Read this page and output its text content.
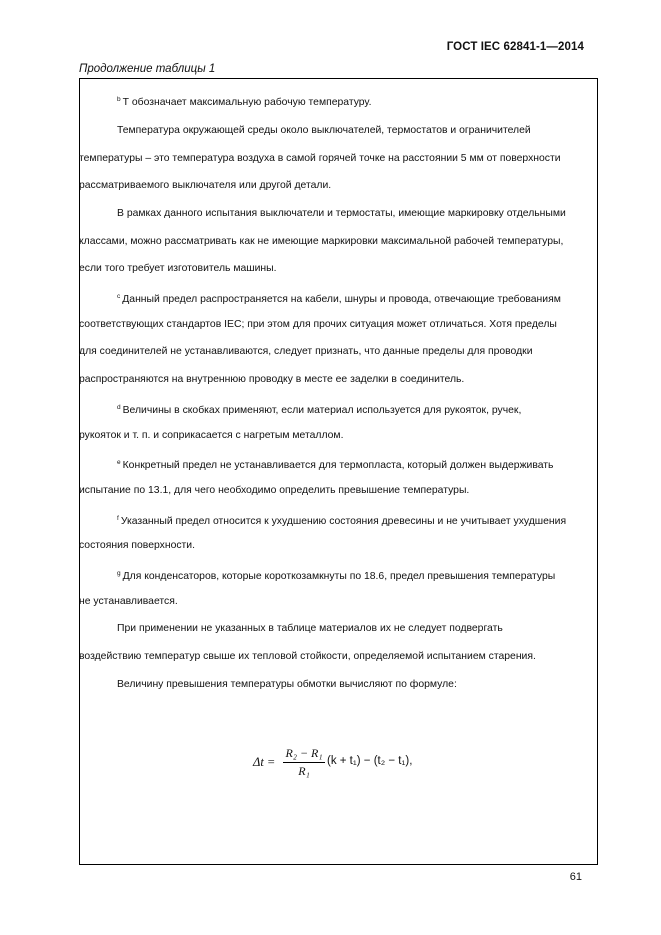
ГОСТ IEC 62841-1—2014
Продолжение таблицы 1
$^b$ Т обозначает максимальную рабочую температуру.
Температура окружающей среды около выключателей, термостатов и ограничителей
температуры – это температура воздуха в самой горячей точке на расстоянии 5 мм от поверхности
рассматриваемого выключателя или другой детали.
В рамках данного испытания выключатели и термостаты, имеющие маркировку отдельными
классами, можно рассматривать как не имеющие маркировки максимальной рабочей температуры,
если того требует изготовитель машины.
$^c$ Данный предел распространяется на кабели, шнуры и провода, отвечающие требованиям
соответствующих стандартов IEC; при этом для прочих ситуация может отличаться. Хотя пределы
для соединителей не устанавливаются, следует признать, что данные пределы для проводки
распространяются на внутреннюю проводку в месте ее заделки в соединитель.
$^d$ Величины в скобках применяют, если материал используется для рукояток, ручек,
рукояток и т. п. и соприкасается с нагретым металлом.
$^e$ Конкретный предел не устанавливается для термопласта, который должен выдерживать
испытание по 13.1, для чего необходимо определить превышение температуры.
$^f$ Указанный предел относится к ухудшению состояния древесины и не учитывает ухудшения
состояния поверхности.
$^g$ Для конденсаторов, которые короткозамкнуты по 18.6, предел превышения температуры
не устанавливается.
При применении не указанных в таблице материалов их не следует подвергать
воздействию температур свыше их тепловой стойкости, определяемой испытанием старения.
Величину превышения температуры обмотки вычисляют по формуле:
$\Delta t = \frac{\text{R₂ − R₁}}{\text{R₁}} (k + t_1) - (t_2 - t_1)$,
61
